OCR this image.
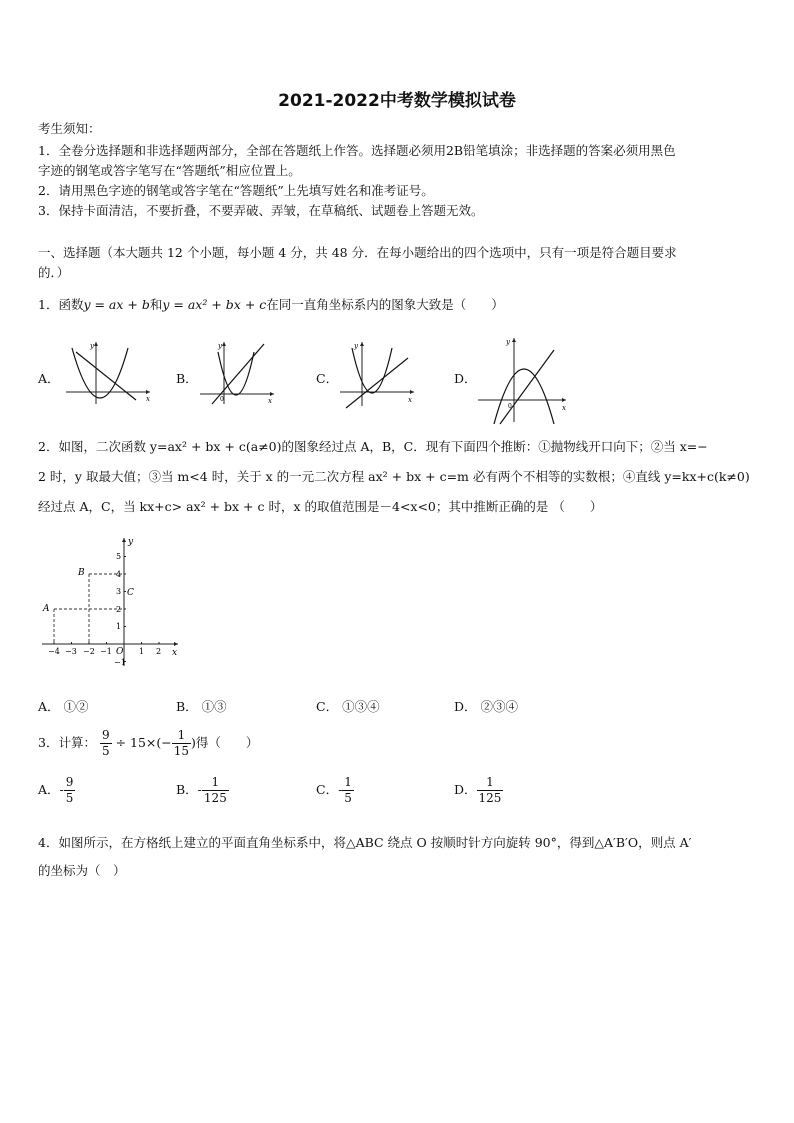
2021-2022中考数学模拟试卷
考生须知：
1．全卷分选择题和非选择题两部分，全部在答题纸上作答。选择题必须用2B铅笔填涂；非选择题的答案必须用黑色
字迹的钢笔或答字笔写在“答题纸”相应位置上。
2．请用黑色字迹的钢笔或答字笔在“答题纸”上先填写姓名和准考证号。
3．保持卡面清洁，不要折叠，不要弄破、弄皱，在草稿纸、试题卷上答题无效。
一、选择题（本大题共 12 个小题，每小题 4 分，共 48 分．在每小题给出的四个选项中，只有一项是符合题目要求
的．）
1．函数y = ax + b和y = ax² + bx + c在同一直角坐标系内的图象大致是（　　）
A．
y
x
B．
y
x
0
C．
y
x
D．
y
x
0
2．如图，二次函数 y=ax² + bx + c(a≠0)的图象经过点 A，B，C．现有下面四个推断：①抛物线开口向下；②当 x=−
2 时，y 取最大值；③当 m<4 时，关于 x 的一元二次方程 ax² + bx + c=m 必有两个不相等的实数根；④直线 y=kx+c(k≠0)
经过点 A，C，当 kx+c> ax² + bx + c 时，x 的取值范围是－4<x<0；其中推断正确的是 （　　）
−4 −3 −2 −1	1 2
5
4
3
2
1
−1
O	x
y
A
B
C
A． ①②	B． ①③	C． ①③④	D． ②③④
3．计算： $\frac{9}{5} \div 15\times(- \frac{1}{15}$ )得（　　）
A．- $\frac{9}{5}$	B．- $\frac{1}{125}$	C．- $\frac{1}{5}$	D． $\frac{1}{125}$
4．如图所示，在方格纸上建立的平面直角坐标系中，将△ABC 绕点 O 按顺时针方向旋转 90°，得到△A′B′O，则点 A′
的坐标为（　）
